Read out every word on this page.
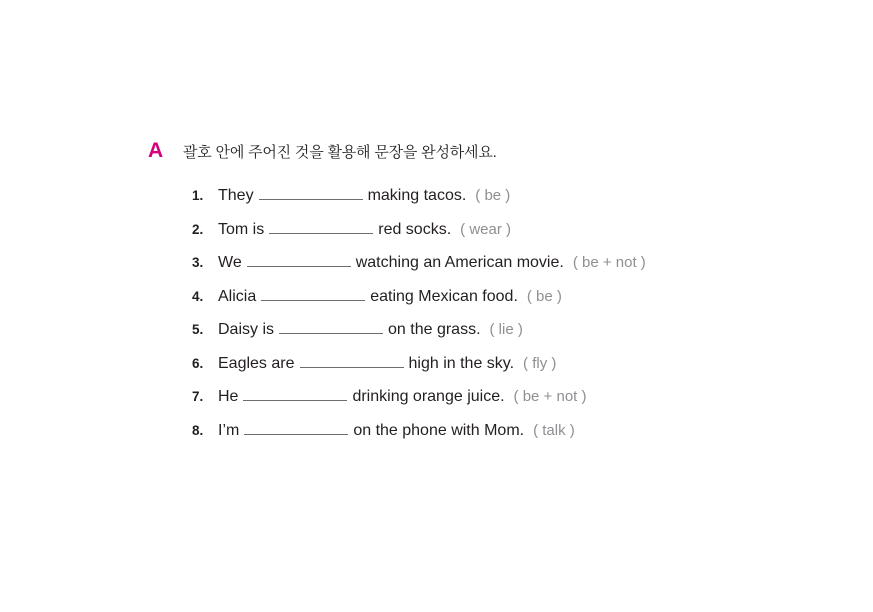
A	괄호 안에 주어진 것을 활용해 문장을 완성하세요.
1. They	making tacos. ( be )
2. Tom is	red socks. ( wear )
3. We	watching an American movie. ( be + not )
4. Alicia	eating Mexican food. ( be )
5. Daisy is	on the grass. ( lie )
6. Eagles are	high in the sky. ( fly )
7. He	drinking orange juice. ( be + not )
8. I’m	on the phone with Mom. ( talk )
